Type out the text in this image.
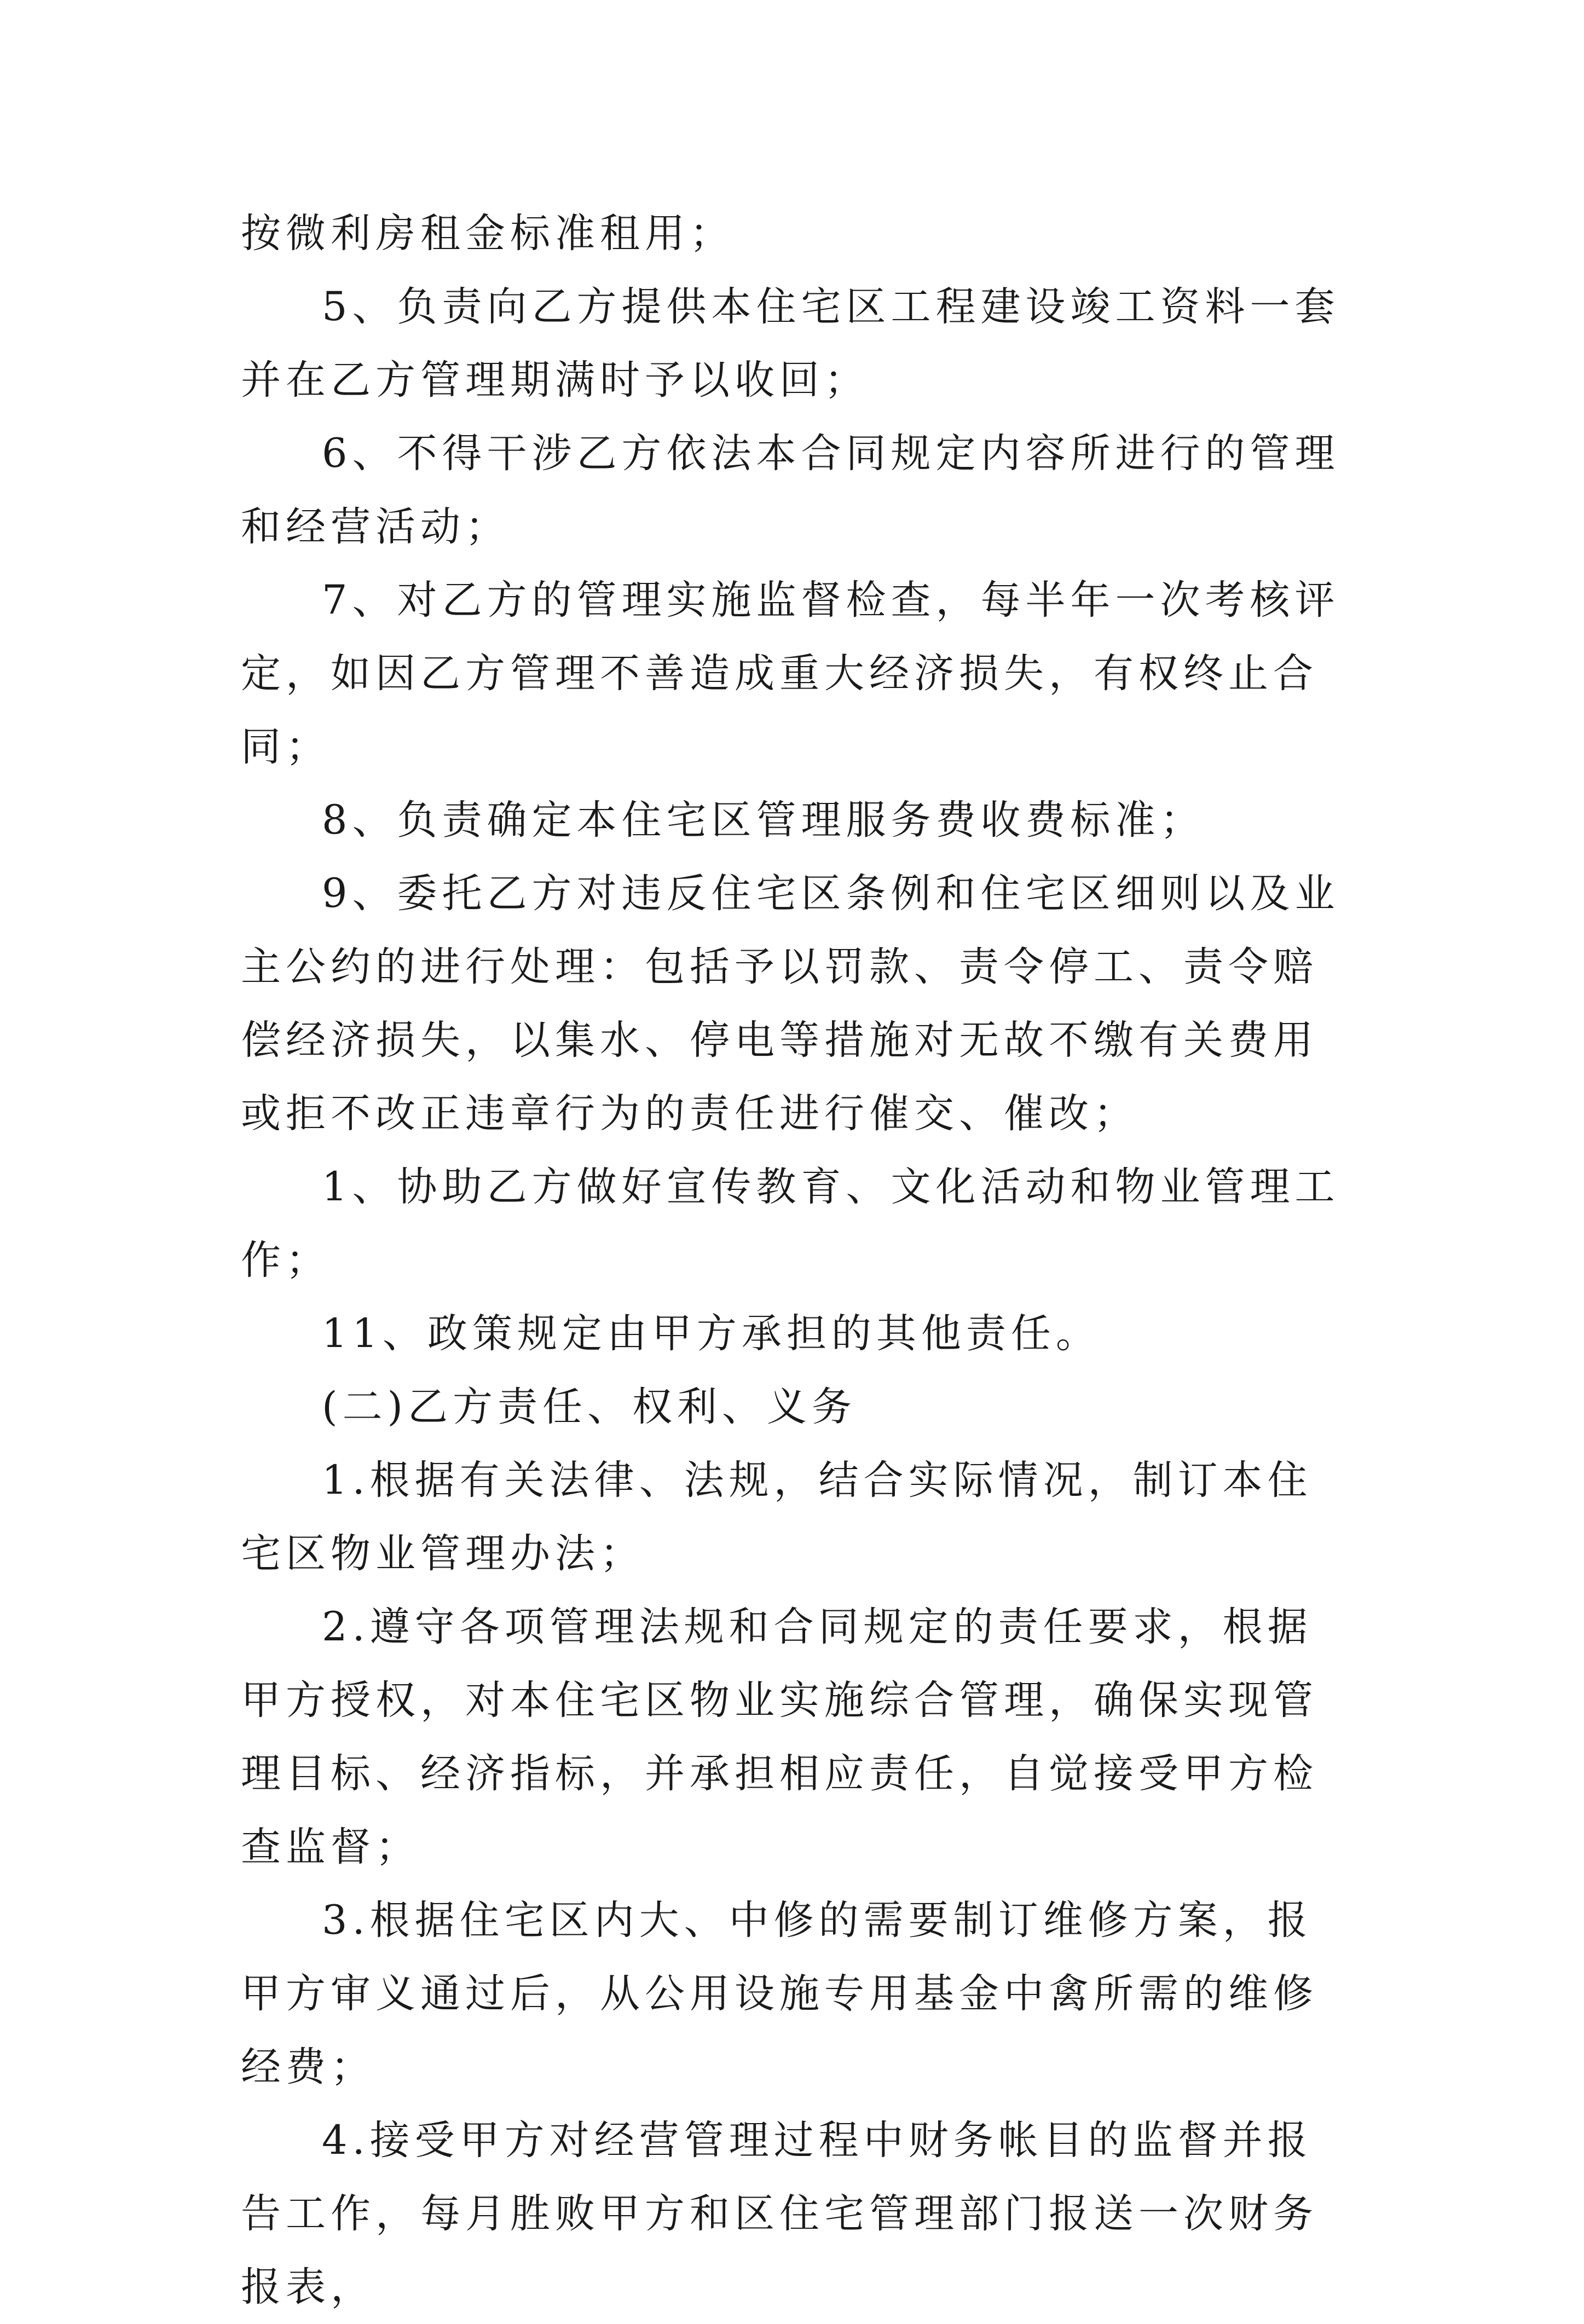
按微利房租金标准租用；

5、负责向乙方提供本住宅区工程建设竣工资料一套并在乙方管理期满时予以收回；

6、不得干涉乙方依法本合同规定内容所进行的管理和经营活动；

7、对乙方的管理实施监督检查，每半年一次考核评定，如因乙方管理不善造成重大经济损失，有权终止合同；

8、负责确定本住宅区管理服务费收费标准；

9、委托乙方对违反住宅区条例和住宅区细则以及业主公约的进行处理：包括予以罚款、责令停工、责令赔偿经济损失，以集水、停电等措施对无故不缴有关费用或拒不改正违章行为的责任进行催交、催改；

1、协助乙方做好宣传教育、文化活动和物业管理工作；

11、政策规定由甲方承担的其他责任。

(二)乙方责任、权利、义务

1.根据有关法律、法规，结合实际情况，制订本住宅区物业管理办法；

2.遵守各项管理法规和合同规定的责任要求，根据甲方授权，对本住宅区物业实施综合管理，确保实现管理目标、经济指标，并承担相应责任，自觉接受甲方检查监督；

3.根据住宅区内大、中修的需要制订维修方案，报甲方审义通过后，从公用设施专用基金中禽所需的维修经费；

4.接受甲方对经营管理过程中财务帐目的监督并报告工作，每月胜败甲方和区住宅管理部门报送一次财务报表，
